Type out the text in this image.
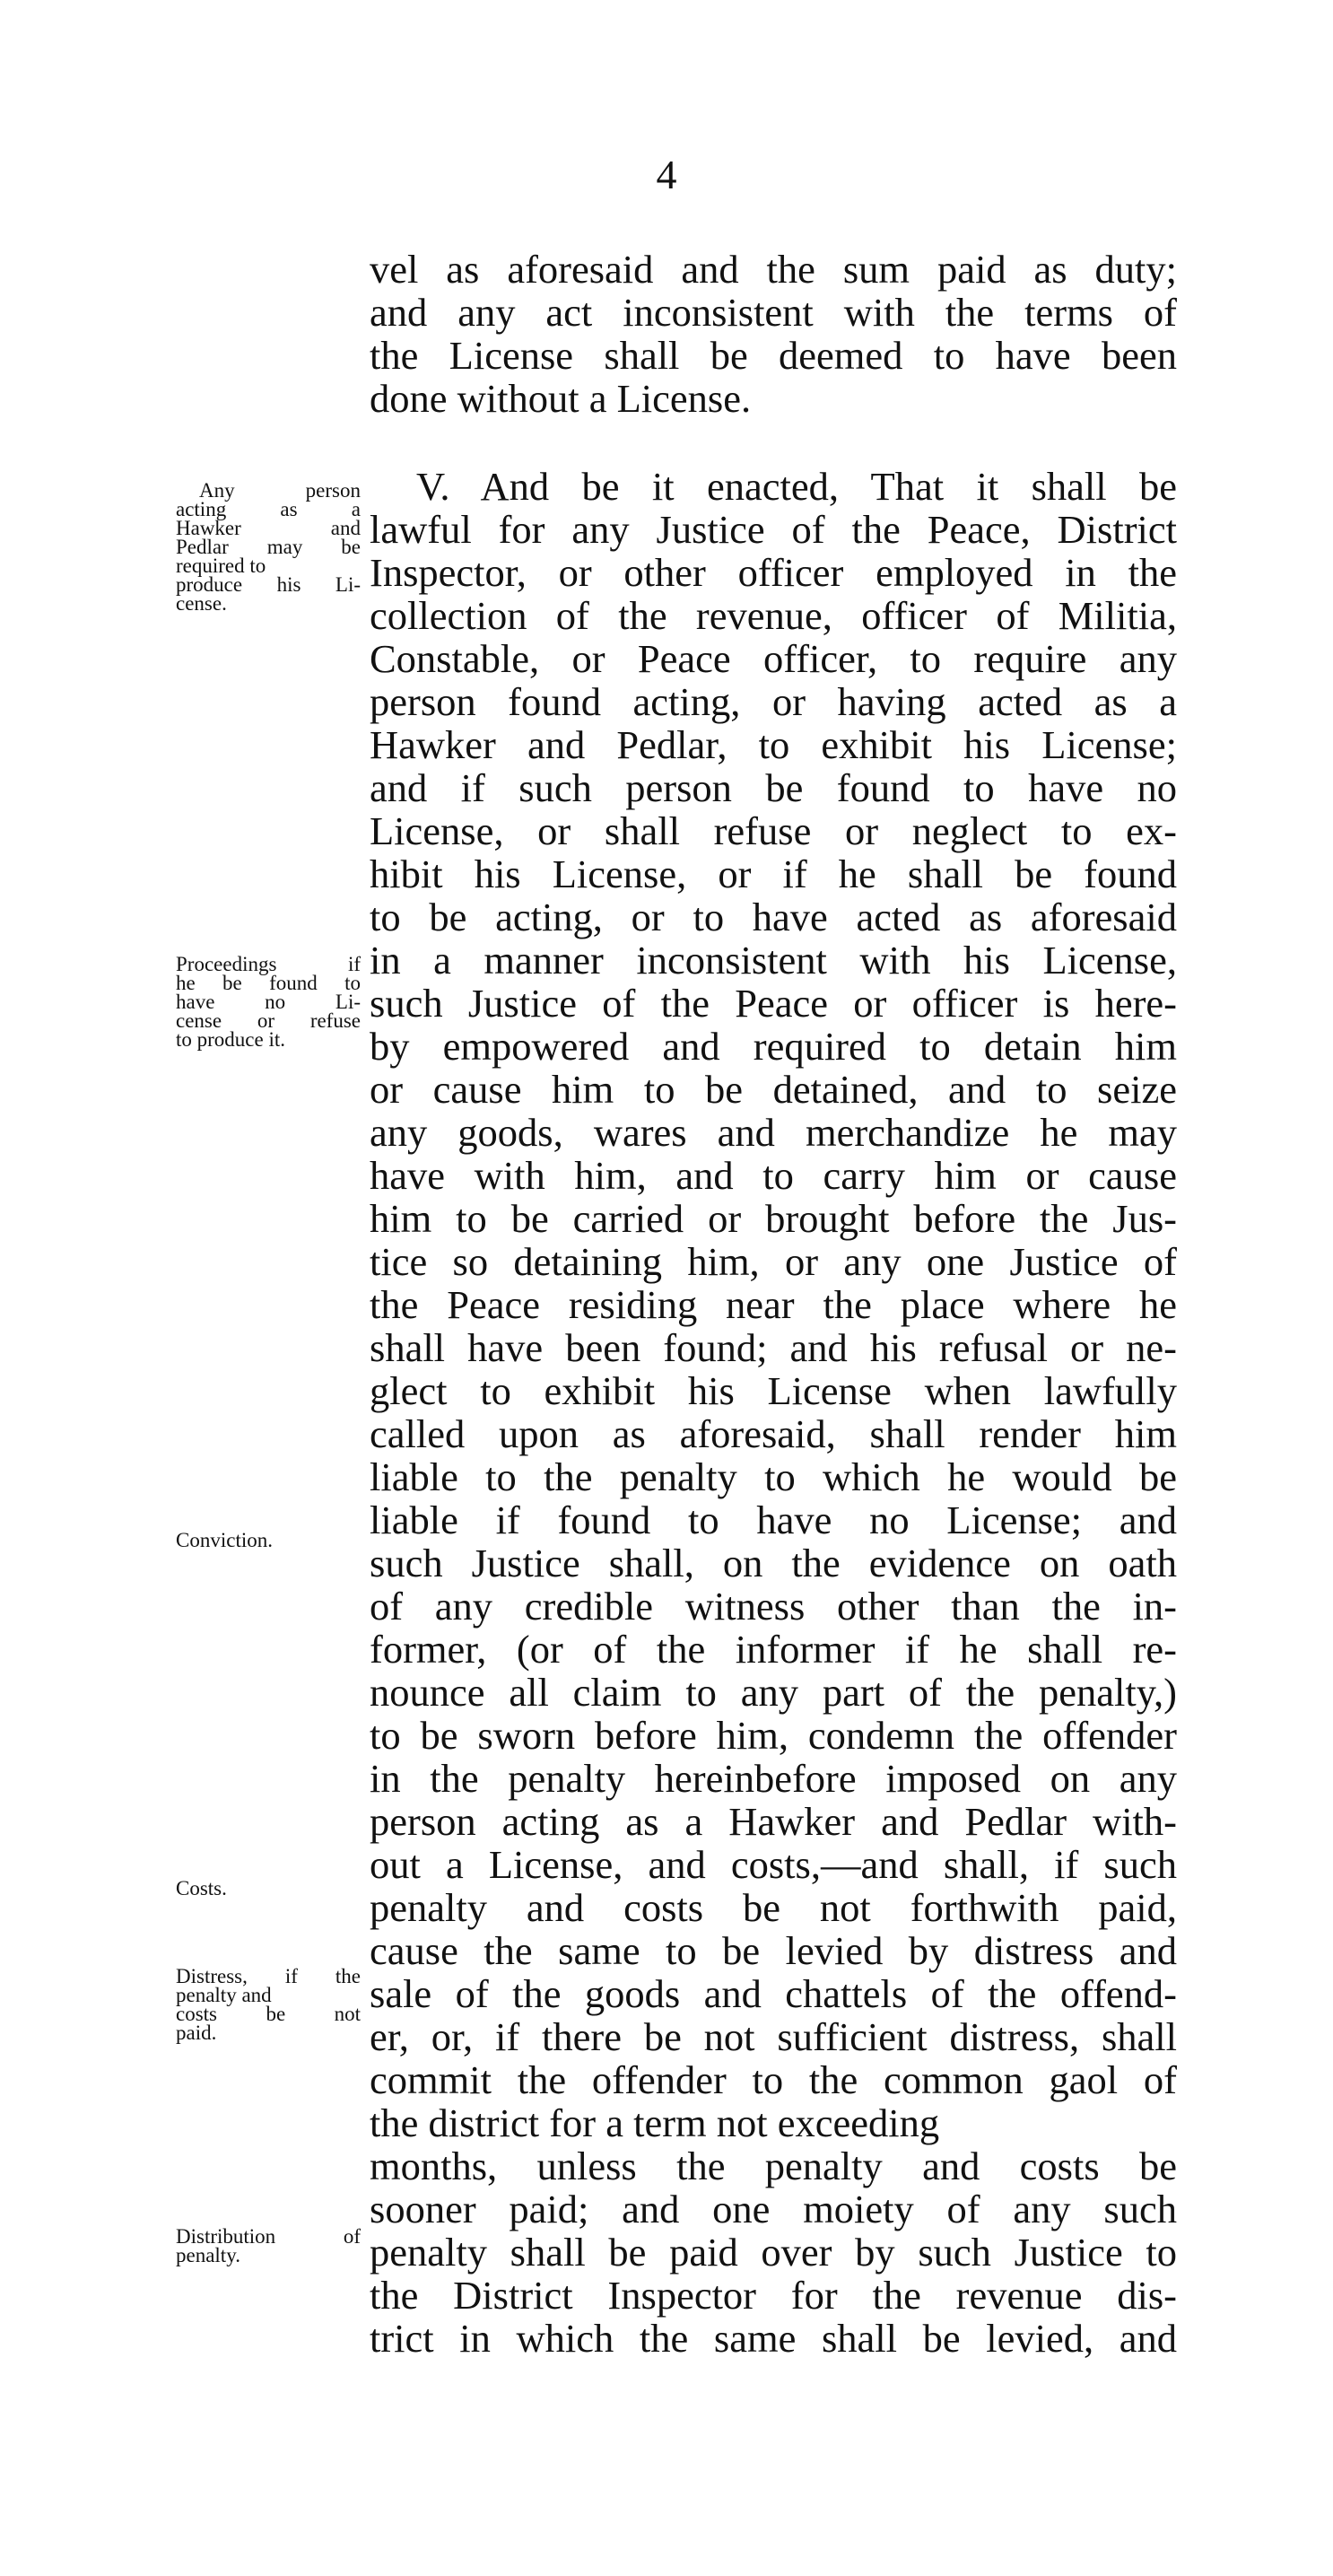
4
vel as aforesaid and the sum paid as duty;
and any act inconsistent with the terms of
the License shall be deemed to have been
done without a License.
V. And be it enacted, That it shall be
lawful for any Justice of the Peace, District
Inspector, or other officer employed in the
collection of the revenue, officer of Militia,
Constable, or Peace officer, to require any
person found acting, or having acted as a
Hawker and Pedlar, to exhibit his License;
and if such person be found to have no
License, or shall refuse or neglect to ex-
hibit his License, or if he shall be found
to be acting, or to have acted as aforesaid
in a manner inconsistent with his License,
such Justice of the Peace or officer is here-
by empowered and required to detain him
or cause him to be detained, and to seize
any goods, wares and merchandize he may
have with him, and to carry him or cause
him to be carried or brought before the Jus-
tice so detaining him, or any one Justice of
the Peace residing near the place where he
shall have been found; and his refusal or ne-
glect to exhibit his License when lawfully
called upon as aforesaid, shall render him
liable to the penalty to which he would be
liable if found to have no License; and
such Justice shall, on the evidence on oath
of any credible witness other than the in-
former, (or of the informer if he shall re-
nounce all claim to any part of the penalty,)
to be sworn before him, condemn the offender
in the penalty hereinbefore imposed on any
person acting as a Hawker and Pedlar with-
out a License, and costs,—and shall, if such
penalty and costs be not forthwith paid,
cause the same to be levied by distress and
sale of the goods and chattels of the offend-
er, or, if there be not sufficient distress, shall
commit the offender to the common gaol of
the district for a term not exceeding
months, unless the penalty and costs be
sooner paid; and one moiety of any such
penalty shall be paid over by such Justice to
the District Inspector for the revenue dis-
trict in which the same shall be levied, and
Any person
acting as a
Hawker and
Pedlar may be
required to
produce his Li-
cense.
Proceedings if
he be found to
have no Li-
cense or refuse
to produce it.
Conviction.
Costs.
Distress, if the
penalty and
costs be not
paid.
Distribution of
penalty.
